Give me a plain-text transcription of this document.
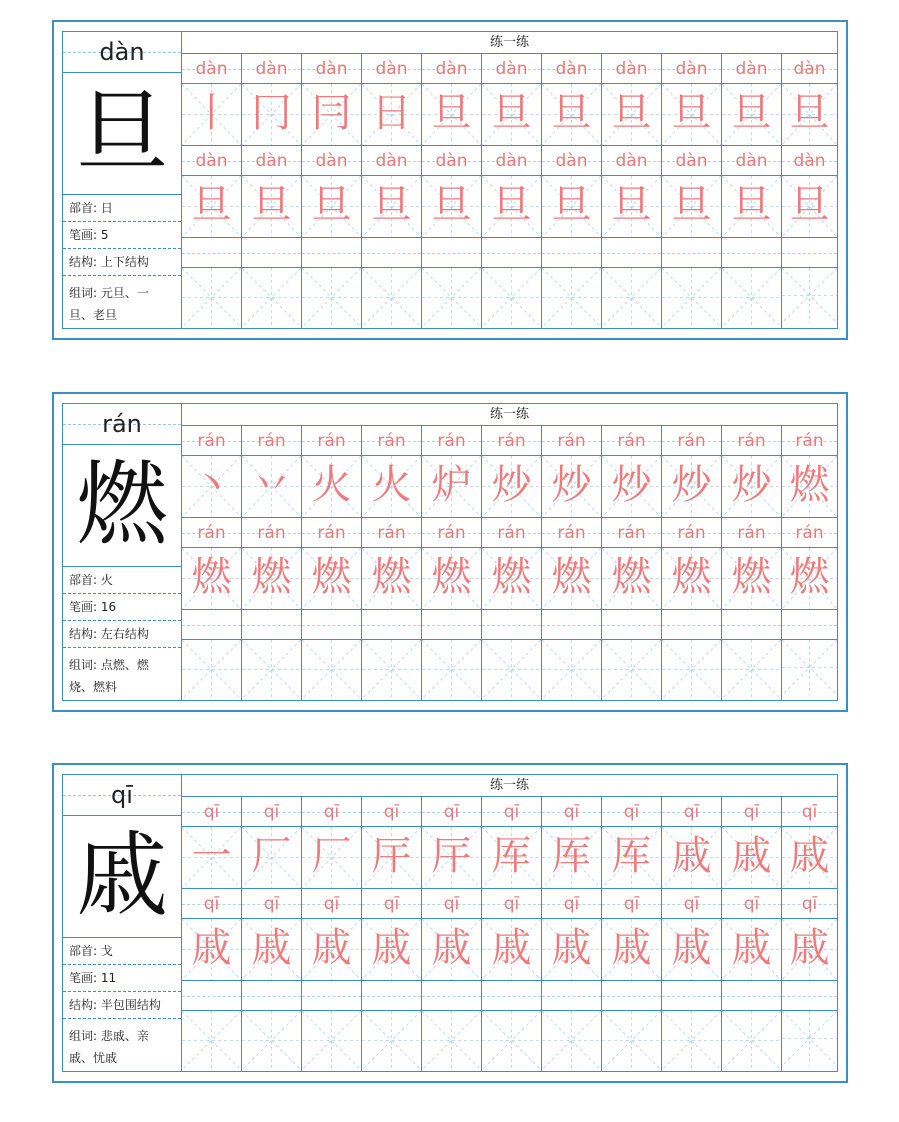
dàn
旦
部首: 日
笔画: 5
结构: 上下结构
组词: 元旦、一旦、老旦
练一练
dàn	dàn	dàn	dàn	dàn	dàn	dàn	dàn	dàn	dàn	dàn
丨 冂 冃 日 旦 旦 旦 旦 旦 旦 旦
dàn	dàn	dàn	dàn	dàn	dàn	dàn	dàn	dàn	dàn	dàn
旦 旦 旦 旦 旦 旦 旦 旦 旦 旦 旦
rán
燃
部首: 火
笔画: 16
结构: 左右结构
组词: 点燃、燃烧、燃料
练一练
rán	rán	rán	rán	rán	rán	rán	rán	rán	rán	rán
丶 丷 火 火 炉 炒 炒 炒 炒 炒 燃
rán	rán	rán	rán	rán	rán	rán	rán	rán	rán	rán
燃 燃 燃 燃 燃 燃 燃 燃 燃 燃 燃
qī
戚
部首: 戈
笔画: 11
结构: 半包围结构
组词: 悲戚、亲戚、忧戚
练一练
qī	qī	qī	qī	qī	qī	qī	qī	qī	qī	qī
一 厂 厂 厈 厈 厍 厍 厍 戚 戚 戚
qī	qī	qī	qī	qī	qī	qī	qī	qī	qī	qī
戚 戚 戚 戚 戚 戚 戚 戚 戚 戚 戚
